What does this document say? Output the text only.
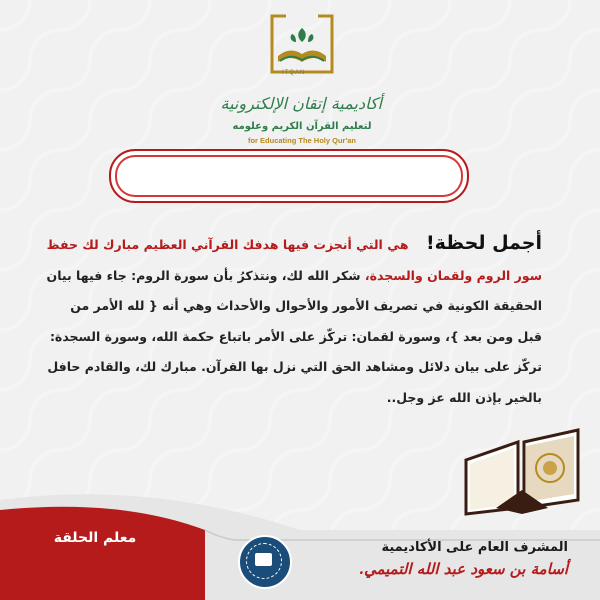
ITQAN
أكاديمية إتقان الإلكترونية
لتعليم القرآن الكريم وعلومه
for Educating The Holy Qur'an
أجمل لحظة!    هي التي أنجزت فيها هدفك القرآني العظيم مبارك لك حفظ سور الروم ولقمان والسجدة، شكر الله لك، ونتذكرُ بأن سورة الروم: جاء فيها بيان الحقيقة الكونية في تصريف الأمور والأحوال والأحداث وهي أنه { لله الأمر من قبل ومن بعد }، وسورة لقمان: تركّز على الأمر باتباع حكمة الله، وسورة السجدة: تركّز على بيان دلائل ومشاهد الحق التي نزل بها القرآن. مبارك لك، والقادم حافل بالخير بإذن الله عز وجل..
معلم الحلقة
المشرف العام على الأكاديمية
أسامة بن سعود عبد الله التميمي.
